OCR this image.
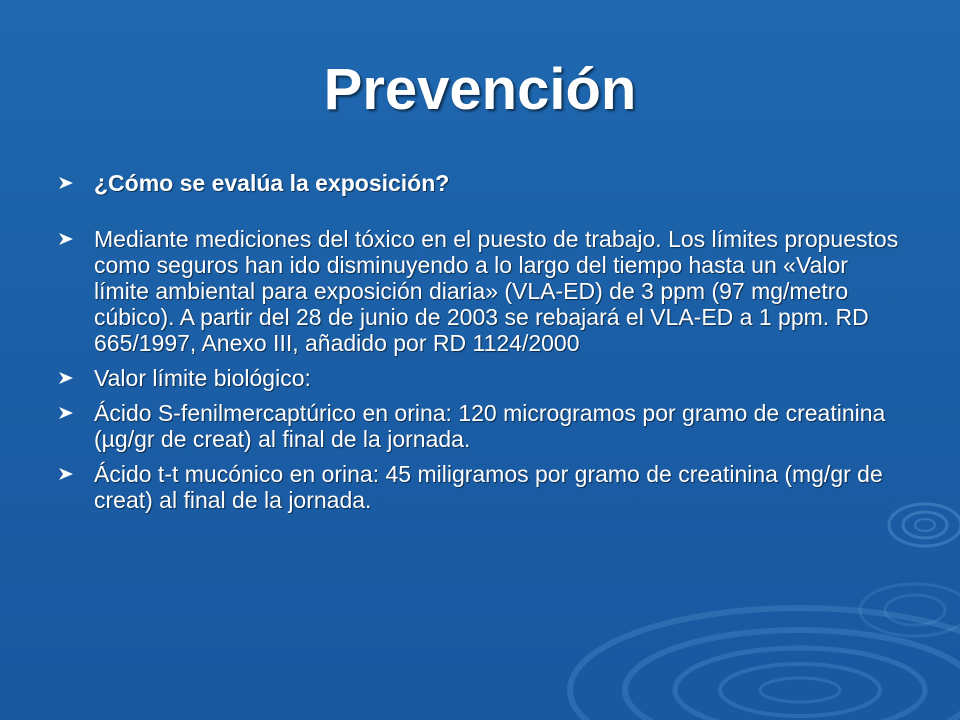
Prevención
¿Cómo se evalúa la exposición?
Mediante mediciones del tóxico en el puesto de trabajo. Los límites propuestos como seguros han ido disminuyendo a lo largo del tiempo hasta un «Valor límite ambiental para exposición diaria» (VLA-ED) de 3 ppm (97 mg/metro cúbico). A partir del 28 de junio de 2003 se rebajará el VLA-ED a 1 ppm. RD 665/1997, Anexo III, añadido por RD 1124/2000
Valor límite biológico:
Ácido S-fenilmercaptúrico en orina: 120 microgramos por gramo de creatinina (µg/gr de creat) al final de la jornada.
Ácido t-t mucónico en orina: 45 miligramos por gramo de creatinina (mg/gr de creat) al final de la jornada.
